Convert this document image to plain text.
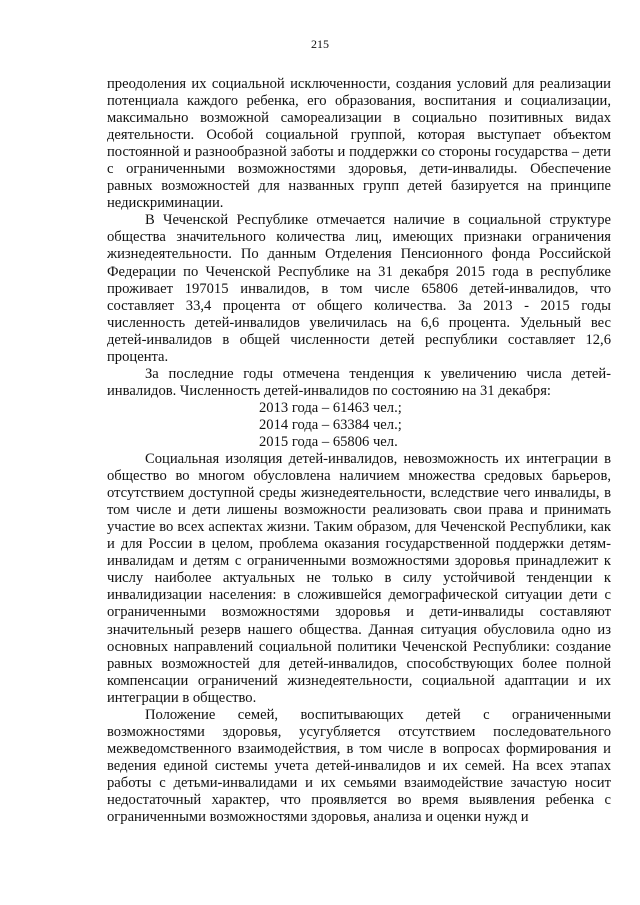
215

преодоления их социальной исключенности, создания условий для реализации потенциала каждого ребенка, его образования, воспитания и социализации, максимально возможной самореализации в социально позитивных видах деятельности. Особой социальной группой, которая выступает объектом постоянной и разнообразной заботы и поддержки со стороны государства – дети с ограниченными возможностями здоровья, дети-инвалиды. Обеспечение равных возможностей для названных групп детей базируется на принципе недискриминации.

В Чеченской Республике отмечается наличие в социальной структуре общества значительного количества лиц, имеющих признаки ограничения жизнедеятельности. По данным Отделения Пенсионного фонда Российской Федерации по Чеченской Республике на 31 декабря 2015 года в республике проживает 197015 инвалидов, в том числе 65806 детей-инвалидов, что составляет 33,4 процента от общего количества. За 2013 - 2015 годы численность детей-инвалидов увеличилась на 6,6 процента. Удельный вес детей-инвалидов в общей численности детей республики составляет 12,6 процента.

За последние годы отмечена тенденция к увеличению числа детей-инвалидов. Численность детей-инвалидов по состоянию на 31 декабря:

2013 года – 61463 чел.;
2014 года – 63384 чел.;
2015 года – 65806 чел.

Социальная изоляция детей-инвалидов, невозможность их интеграции в общество во многом обусловлена наличием множества средовых барьеров, отсутствием доступной среды жизнедеятельности, вследствие чего инвалиды, в том числе и дети лишены возможности реализовать свои права и принимать участие во всех аспектах жизни. Таким образом, для Чеченской Республики, как и для России в целом, проблема оказания государственной поддержки детям-инвалидам и детям с ограниченными возможностями здоровья принадлежит к числу наиболее актуальных не только в силу устойчивой тенденции к инвалидизации населения: в сложившейся демографической ситуации дети с ограниченными возможностями здоровья и дети-инвалиды составляют значительный резерв нашего общества. Данная ситуация обусловила одно из основных направлений социальной политики Чеченской Республики: создание равных возможностей для детей-инвалидов, способствующих более полной компенсации ограничений жизнедеятельности, социальной адаптации и их интеграции в общество.

Положение семей, воспитывающих детей с ограниченными возможностями здоровья, усугубляется отсутствием последовательного межведомственного взаимодействия, в том числе в вопросах формирования и ведения единой системы учета детей-инвалидов и их семей. На всех этапах работы с детьми-инвалидами и их семьями взаимодействие зачастую носит недостаточный характер, что проявляется во время выявления ребенка с ограниченными возможностями здоровья, анализа и оценки нужд и
